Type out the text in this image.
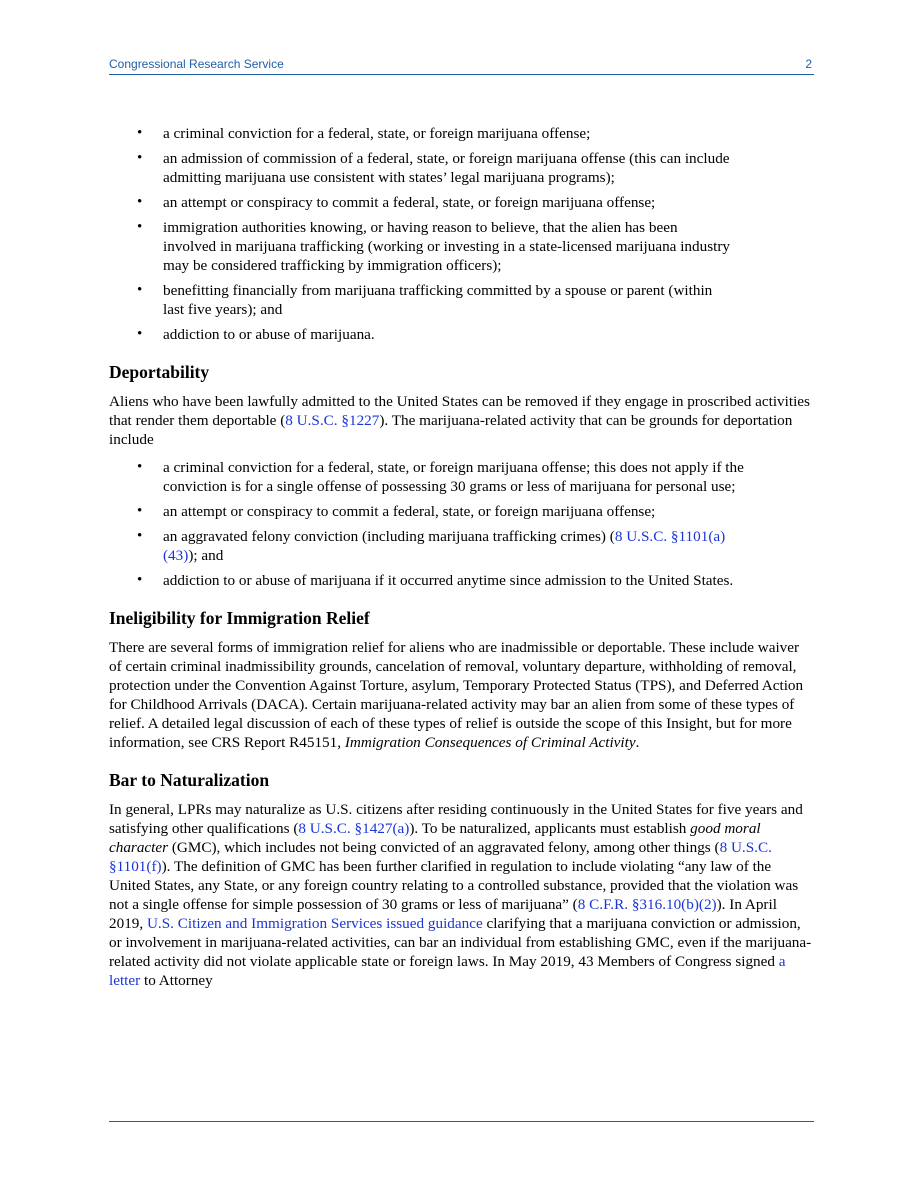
Congressional Research Service	2
• a criminal conviction for a federal, state, or foreign marijuana offense;
• an admission of commission of a federal, state, or foreign marijuana offense (this can include admitting marijuana use consistent with states’ legal marijuana programs);
• an attempt or conspiracy to commit a federal, state, or foreign marijuana offense;
• immigration authorities knowing, or having reason to believe, that the alien has been involved in marijuana trafficking (working or investing in a state-licensed marijuana industry may be considered trafficking by immigration officers);
• benefitting financially from marijuana trafficking committed by a spouse or parent (within last five years); and
• addiction to or abuse of marijuana.
Deportability

Aliens who have been lawfully admitted to the United States can be removed if they engage in proscribed activities that render them deportable (8 U.S.C. §1227). The marijuana-related activity that can be grounds for deportation include

• a criminal conviction for a federal, state, or foreign marijuana offense; this does not apply if the conviction is for a single offense of possessing 30 grams or less of marijuana for personal use;
• an attempt or conspiracy to commit a federal, state, or foreign marijuana offense;
• an aggravated felony conviction (including marijuana trafficking crimes) (8 U.S.C. §1101(a)(43)); and
• addiction to or abuse of marijuana if it occurred anytime since admission to the United States.
Ineligibility for Immigration Relief

There are several forms of immigration relief for aliens who are inadmissible or deportable. These include waiver of certain criminal inadmissibility grounds, cancelation of removal, voluntary departure, withholding of removal, protection under the Convention Against Torture, asylum, Temporary Protected Status (TPS), and Deferred Action for Childhood Arrivals (DACA). Certain marijuana-related activity may bar an alien from some of these types of relief. A detailed legal discussion of each of these types of relief is outside the scope of this Insight, but for more information, see CRS Report R45151, Immigration Consequences of Criminal Activity.

Bar to Naturalization

In general, LPRs may naturalize as U.S. citizens after residing continuously in the United States for five years and satisfying other qualifications (8 U.S.C. §1427(a)). To be naturalized, applicants must establish good moral character (GMC), which includes not being convicted of an aggravated felony, among other things (8 U.S.C. §1101(f)). The definition of GMC has been further clarified in regulation to include violating “any law of the United States, any State, or any foreign country relating to a controlled substance, provided that the violation was not a single offense for simple possession of 30 grams or less of marijuana” (8 C.F.R. §316.10(b)(2)). In April 2019, U.S. Citizen and Immigration Services issued guidance clarifying that a marijuana conviction or admission, or involvement in marijuana-related activities, can bar an individual from establishing GMC, even if the marijuana-related activity did not violate applicable state or foreign laws. In May 2019, 43 Members of Congress signed a letter to Attorney
